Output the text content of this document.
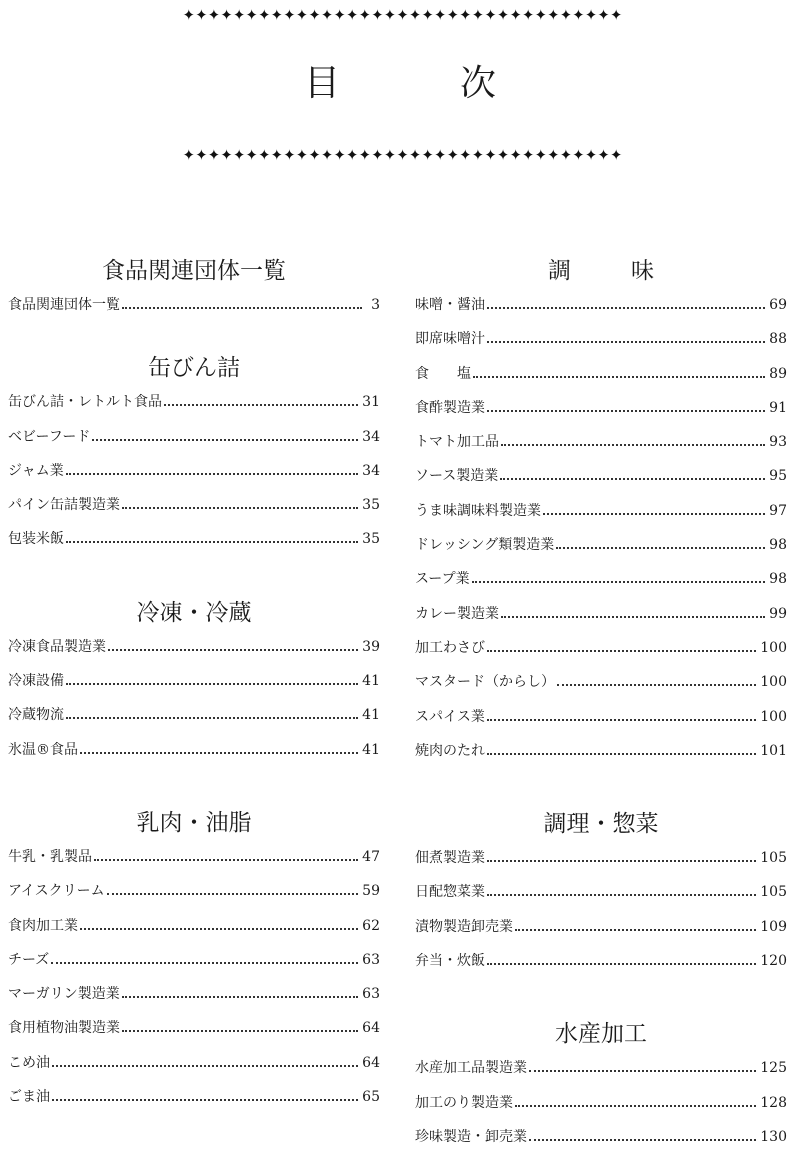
✦✦✦✦✦✦✦✦✦✦✦✦✦✦✦✦✦✦✦✦✦✦✦✦✦✦✦✦✦✦✦✦✦✦✦
目次
✦✦✦✦✦✦✦✦✦✦✦✦✦✦✦✦✦✦✦✦✦✦✦✦✦✦✦✦✦✦✦✦✦✦✦
食品関連団体一覧
食品関連団体一覧	3
缶びん詰
缶びん詰・レトルト食品	31
ベビーフード	34
ジャム業	34
パイン缶詰製造業	35
包装米飯	35
冷凍・冷蔵
冷凍食品製造業	39
冷凍設備	41
冷蔵物流	41
氷温®食品	41
乳肉・油脂
牛乳・乳製品	47
アイスクリーム	59
食肉加工業	62
チーズ	63
マーガリン製造業	63
食用植物油製造業	64
こめ油	64
ごま油	65
調味
味噌・醤油	69
即席味噌汁	88
食　　塩	89
食酢製造業	91
トマト加工品	93
ソース製造業	95
うま味調味料製造業	97
ドレッシング類製造業	98
スープ業	98
カレー製造業	99
加工わさび	100
マスタード（からし）	100
スパイス業	100
焼肉のたれ	101
調理・惣菜
佃煮製造業	105
日配惣菜業	105
漬物製造卸売業	109
弁当・炊飯	120
水産加工
水産加工品製造業	125
加工のり製造業	128
珍味製造・卸売業	130
